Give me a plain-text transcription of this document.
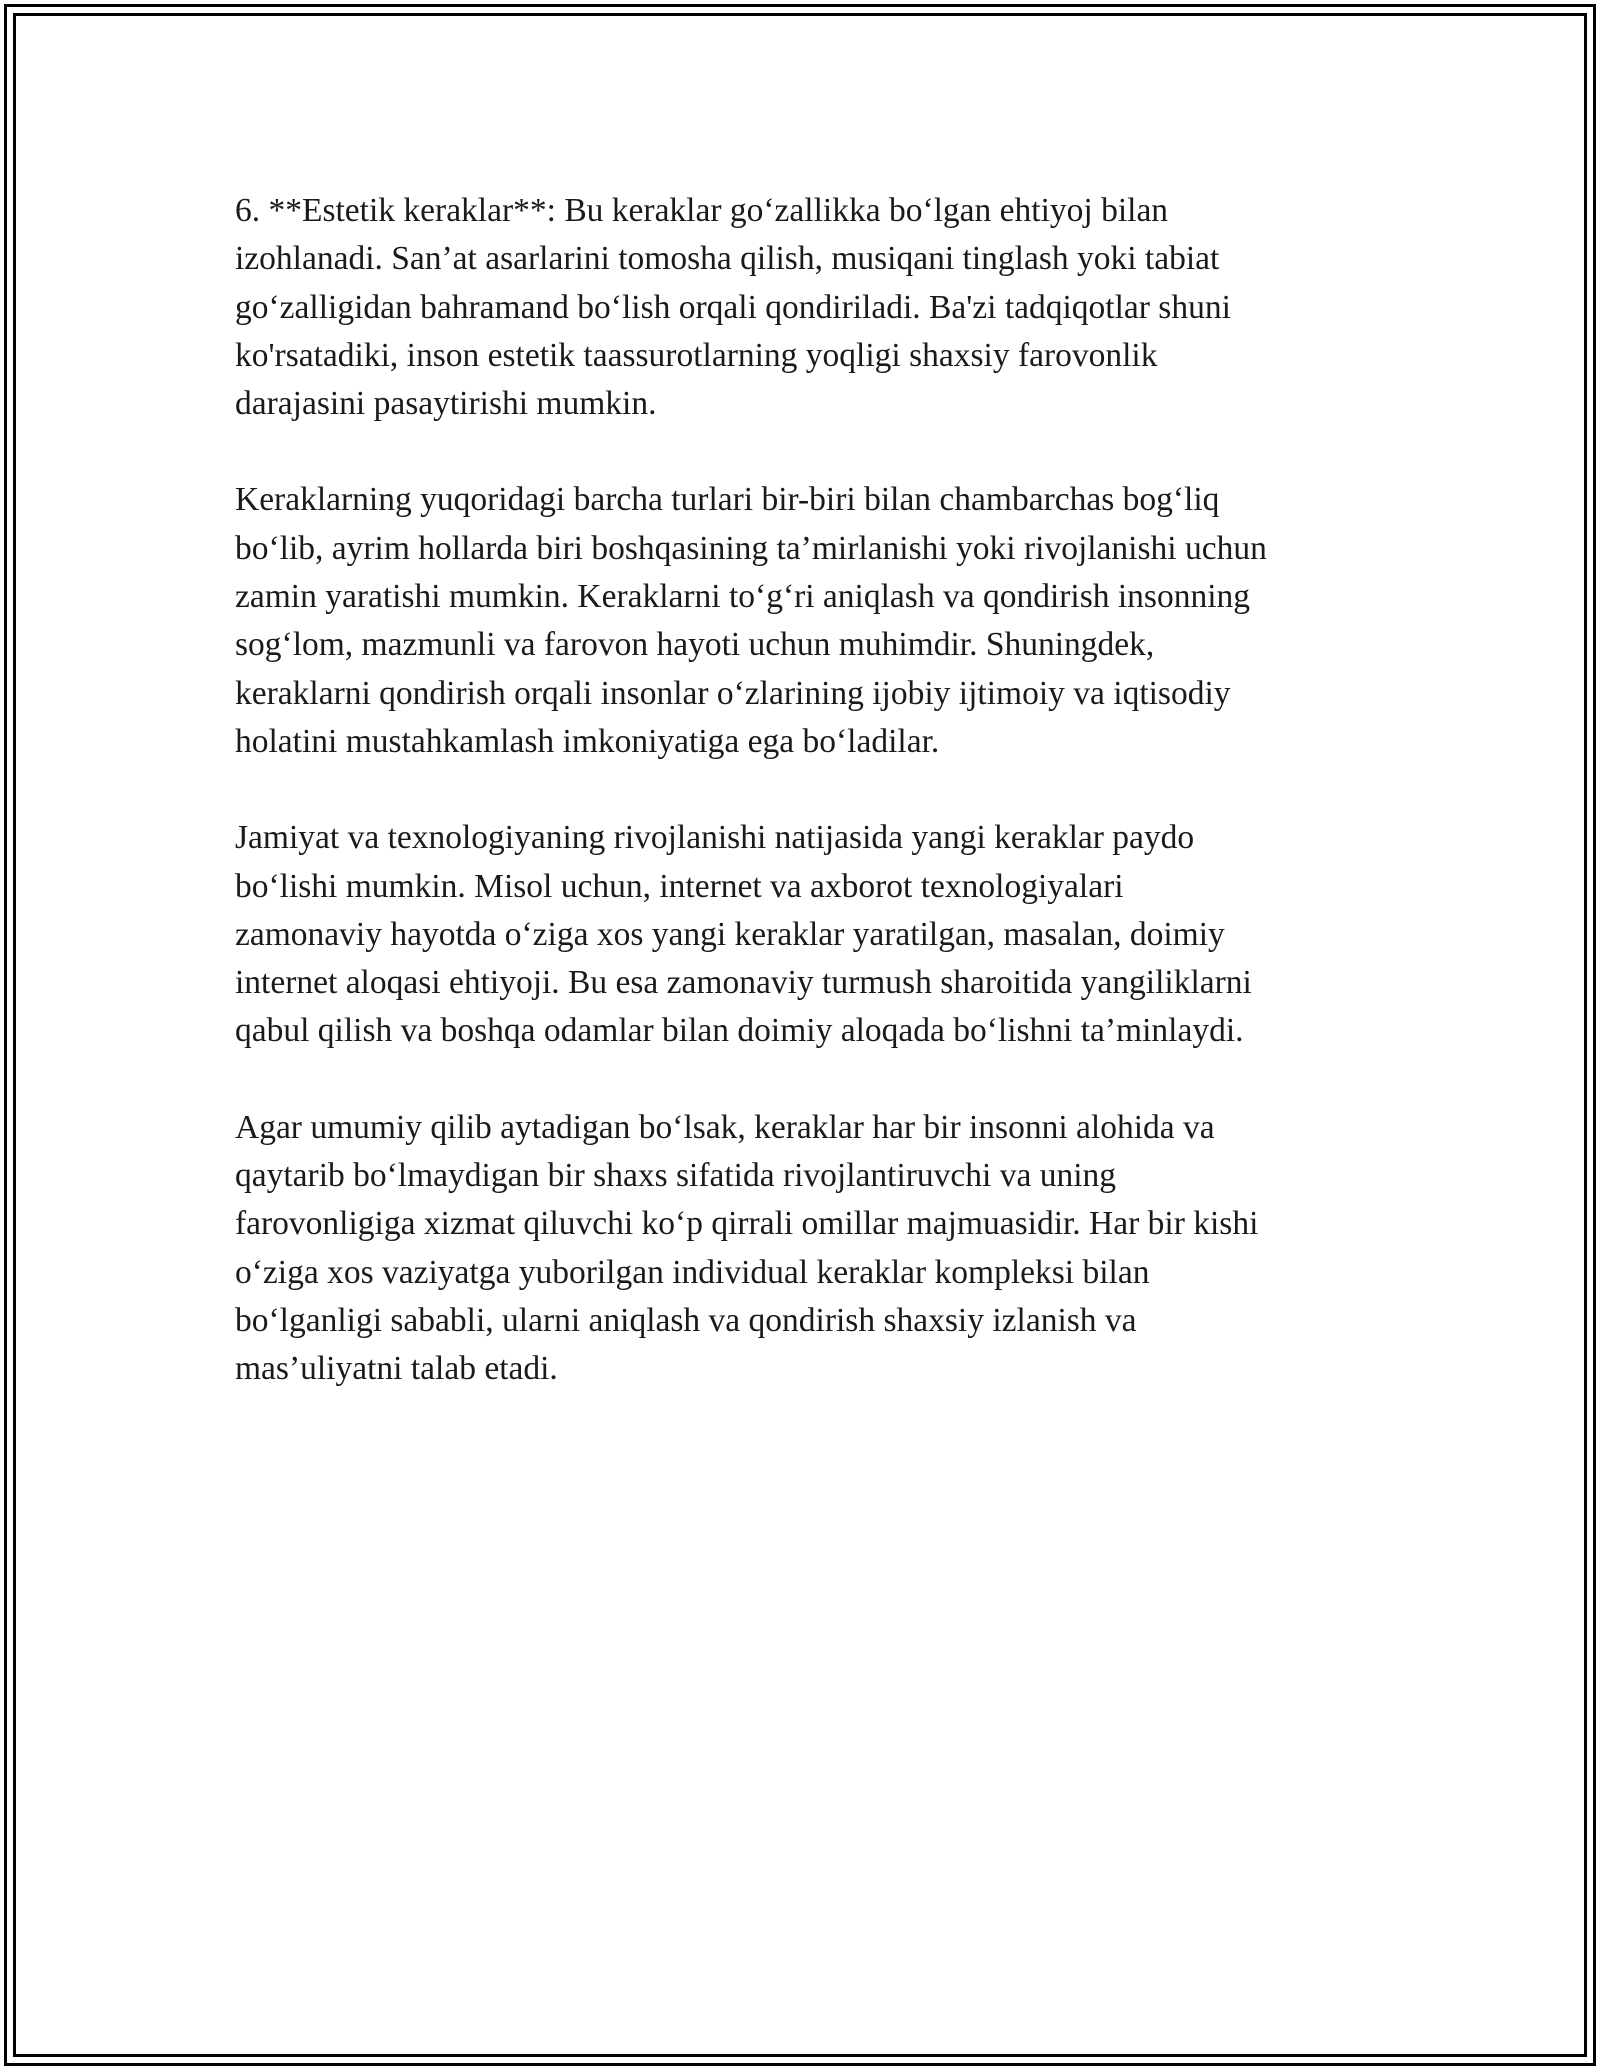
6. **Estetik keraklar**: Bu keraklar go‘zallikka bo‘lgan ehtiyoj bilan
izohlanadi. San’at asarlarini tomosha qilish, musiqani tinglash yoki tabiat
go‘zalligidan bahramand bo‘lish orqali qondiriladi. Ba'zi tadqiqotlar shuni
ko'rsatadiki, inson estetik taassurotlarning yoqligi shaxsiy farovonlik
darajasini pasaytirishi mumkin.

Keraklarning yuqoridagi barcha turlari bir-biri bilan chambarchas bog‘liq
bo‘lib, ayrim hollarda biri boshqasining ta’mirlanishi yoki rivojlanishi uchun
zamin yaratishi mumkin. Keraklarni to‘g‘ri aniqlash va qondirish insonning
sog‘lom, mazmunli va farovon hayoti uchun muhimdir. Shuningdek,
keraklarni qondirish orqali insonlar o‘zlarining ijobiy ijtimoiy va iqtisodiy
holatini mustahkamlash imkoniyatiga ega bo‘ladilar.

Jamiyat va texnologiyaning rivojlanishi natijasida yangi keraklar paydo
bo‘lishi mumkin. Misol uchun, internet va axborot texnologiyalari
zamonaviy hayotda o‘ziga xos yangi keraklar yaratilgan, masalan, doimiy
internet aloqasi ehtiyoji. Bu esa zamonaviy turmush sharoitida yangiliklarni
qabul qilish va boshqa odamlar bilan doimiy aloqada bo‘lishni ta’minlaydi.

Agar umumiy qilib aytadigan bo‘lsak, keraklar har bir insonni alohida va
qaytarib bo‘lmaydigan bir shaxs sifatida rivojlantiruvchi va uning
farovonligiga xizmat qiluvchi ko‘p qirrali omillar majmuasidir. Har bir kishi
o‘ziga xos vaziyatga yuborilgan individual keraklar kompleksi bilan
bo‘lganligi sababli, ularni aniqlash va qondirish shaxsiy izlanish va
mas’uliyatni talab etadi.
